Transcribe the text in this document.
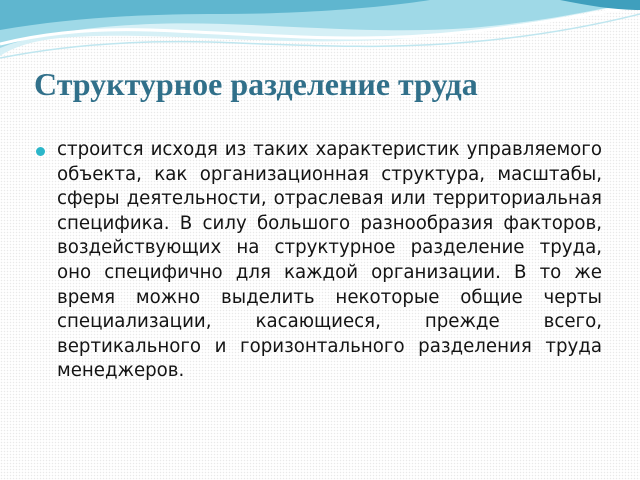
Структурное разделение труда

строится исходя из таких характеристик управляемого объекта, как организационная структура, масштабы, сферы деятельности, отраслевая или территориальная специфика. В силу большого разнообразия факторов, воздействующих на структурное разделение труда, оно специфично для каждой организации. В то же время можно выделить некоторые общие черты специализации, касающиеся, прежде всего, вертикального и горизонтального разделения труда менеджеров.
